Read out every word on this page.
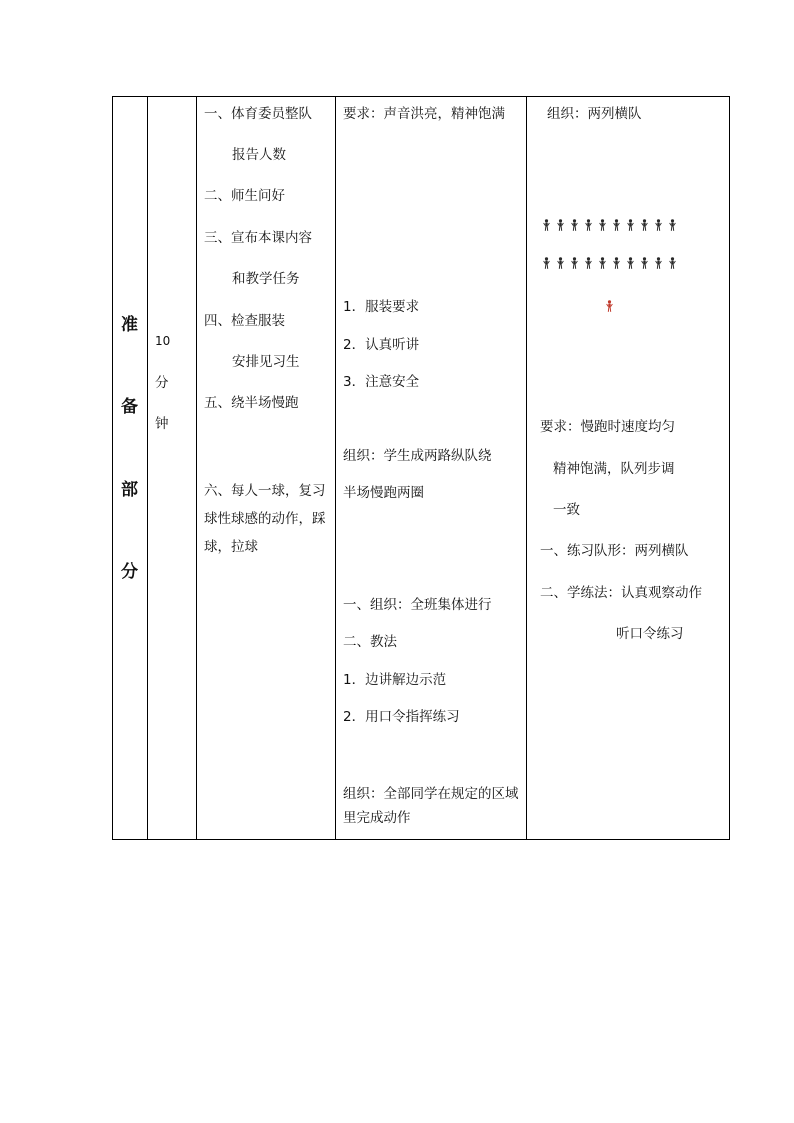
准
备
部
分
10
分
钟
一、体育委员整队
报告人数
二、师生问好
三、宣布本课内容
和教学任务
四、检查服装
安排见习生
五、绕半场慢跑
六、每人一球，复习球性球感的动作，踩球，拉球
要求：声音洪亮，精神饱满
1．服装要求
2．认真听讲
3．注意安全
组织：学生成两路纵队绕
半场慢跑两圈
一、组织：全班集体进行
二、教法
1．边讲解边示范
2．用口令指挥练习
组织：全部同学在规定的区域里完成动作
组织：两列横队
要求：慢跑时速度均匀
精神饱满，队列步调
一致
一、练习队形：两列横队
二、学练法：认真观察动作
听口令练习
